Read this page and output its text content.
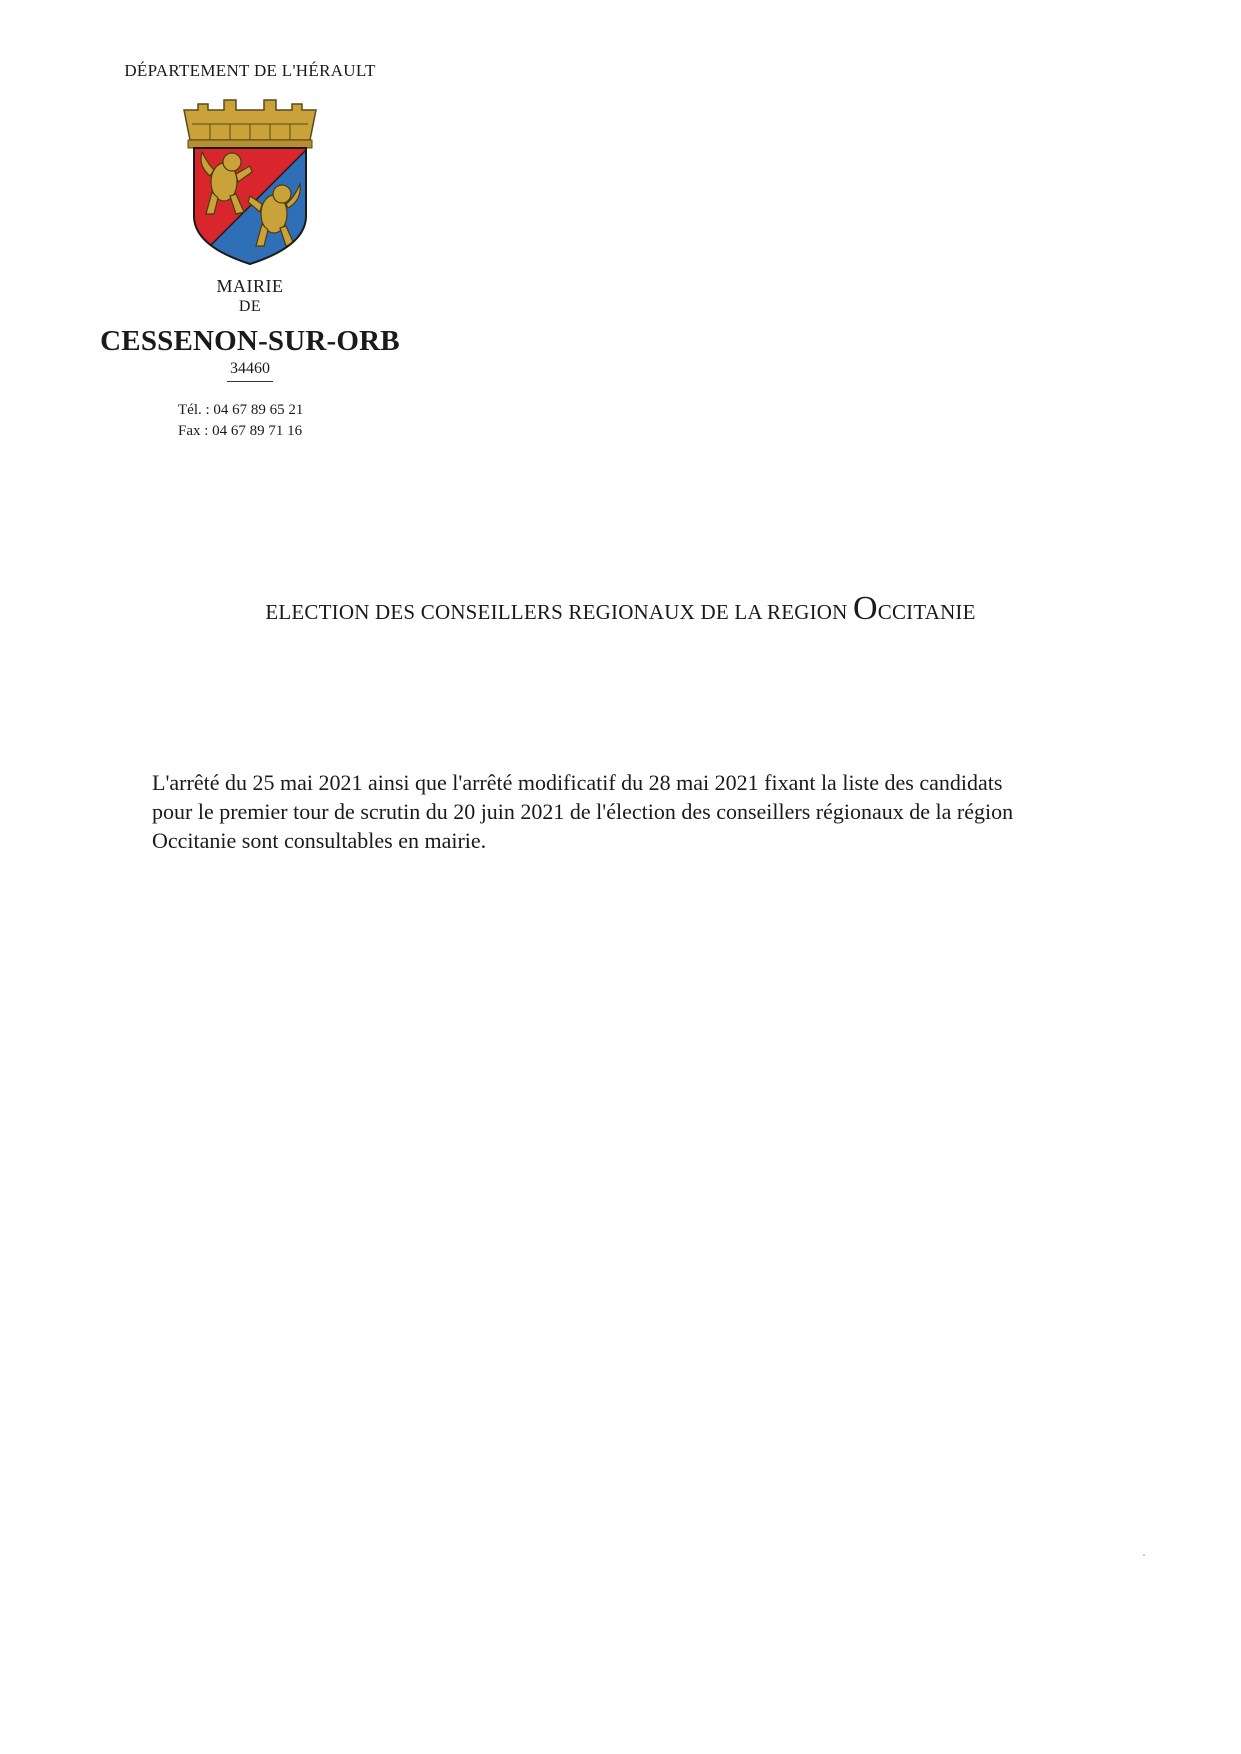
DÉPARTEMENT DE L'HÉRAULT

MAIRIE
DE
CESSENON-SUR-ORB
34460
Tél. : 04 67 89 65 21
Fax : 04 67 89 71 16
ELECTION DES CONSEILLERS REGIONAUX DE LA REGION OCCITANIE

L'arrêté du 25 mai 2021 ainsi que l'arrêté modificatif du 28 mai 2021 fixant la liste des candidats pour le premier tour de scrutin du 20 juin 2021 de l'élection des conseillers régionaux de la région Occitanie sont consultables en mairie.
